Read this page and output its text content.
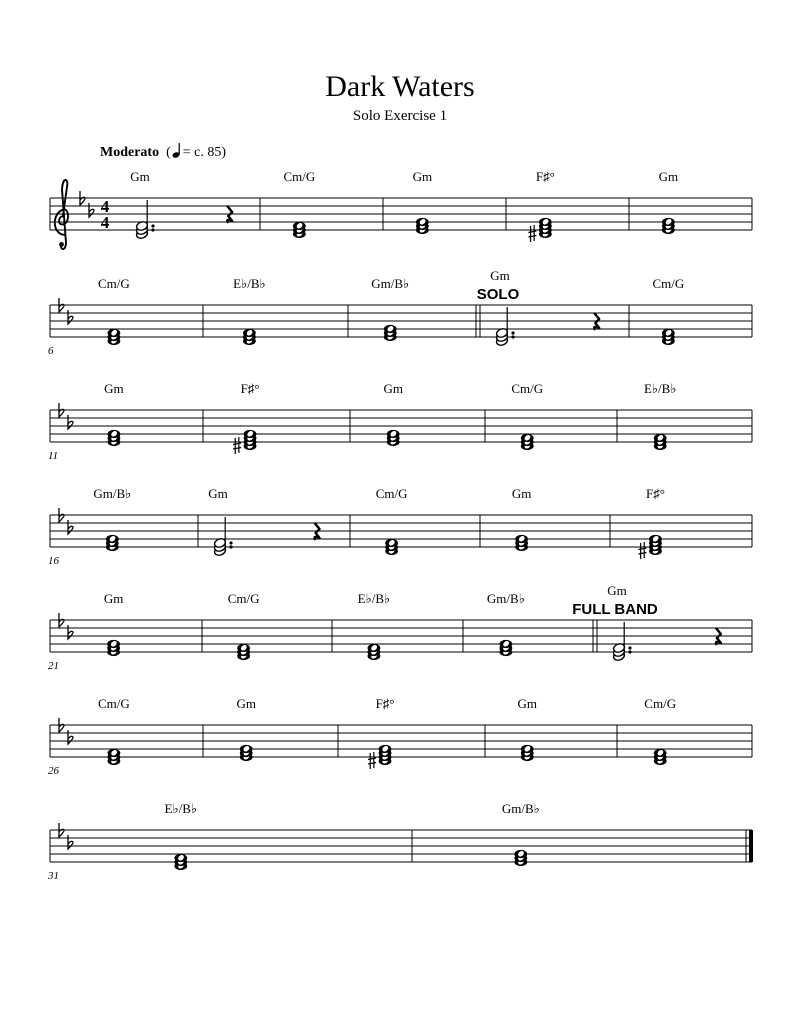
Dark Waters
Solo Exercise 1
Moderato  ( = c. 85)
4
4
Gm	Cm/G	Gm	F♯°	Gm
6
Cm/G	E♭/B♭	Gm/B♭
Gm
SOLO
Cm/G
11
Gm	F♯°	Gm	Cm/G	E♭/B♭
16
Gm/B♭	Gm	Cm/G	Gm	F♯°
21
Gm	Cm/G	E♭/B♭	Gm/B♭
Gm
FULL BAND
26
Cm/G	Gm	F♯°	Gm	Cm/G
31
E♭/B♭	Gm/B♭
